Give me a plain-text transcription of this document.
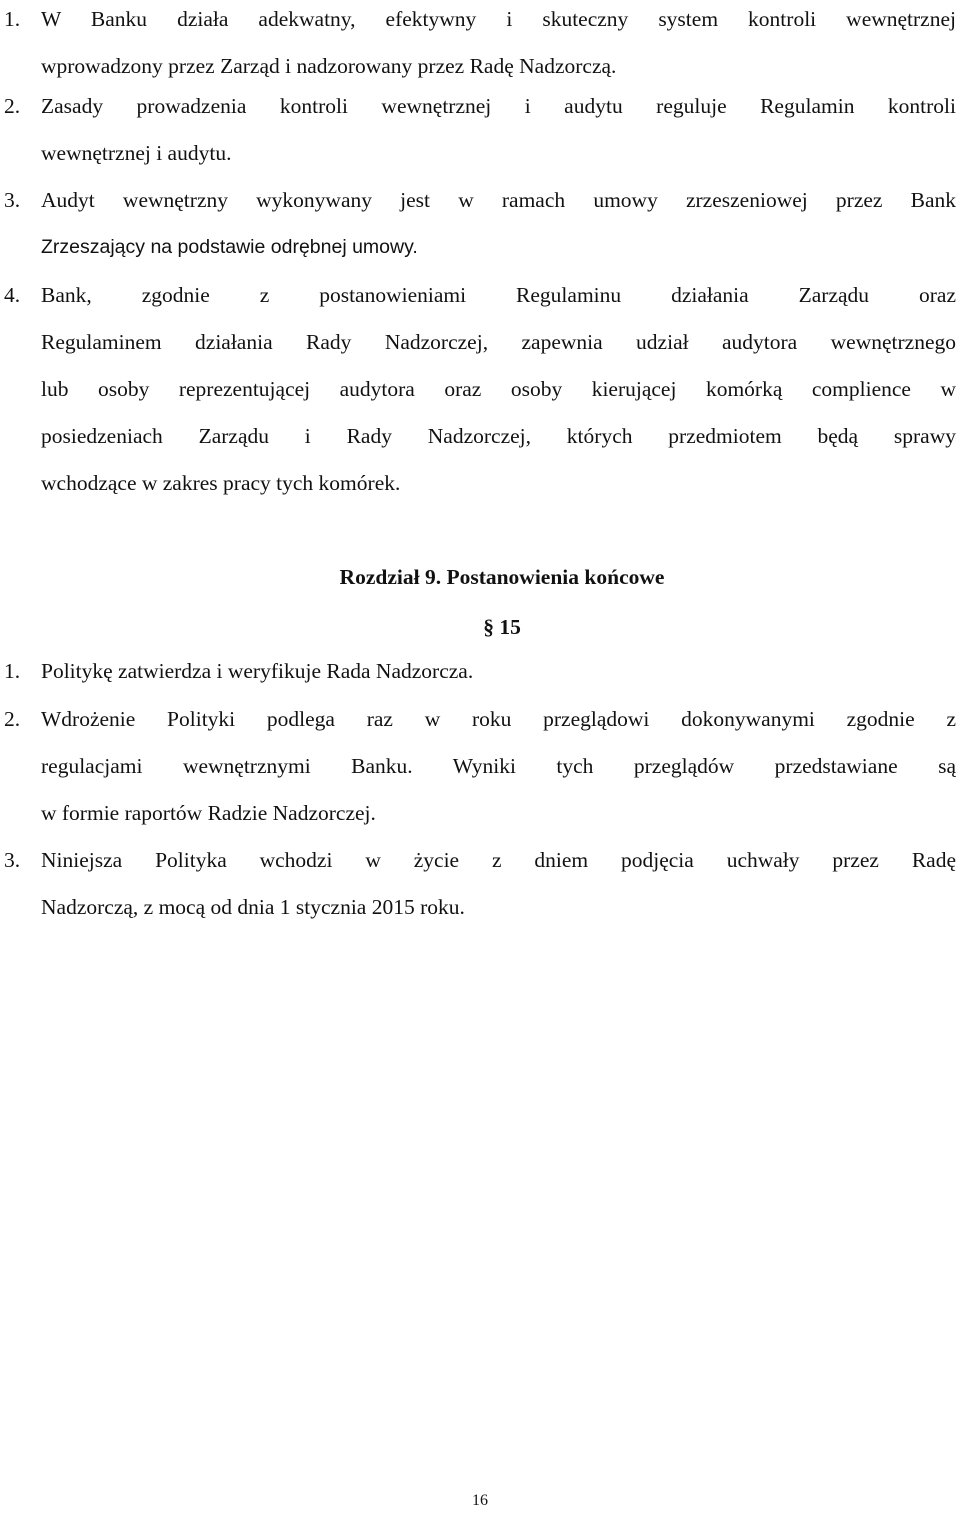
1. W Banku działa adekwatny, efektywny i skuteczny system kontroli wewnętrznej
wprowadzony przez Zarząd i nadzorowany przez Radę Nadzorczą.
2. Zasady prowadzenia kontroli wewnętrznej i audytu reguluje Regulamin kontroli
wewnętrznej i audytu.
3. Audyt wewnętrzny wykonywany jest w ramach umowy zrzeszeniowej przez Bank
Zrzeszający na podstawie odrębnej umowy.
4. Bank, zgodnie z postanowieniami Regulaminu działania Zarządu oraz
Regulaminem działania Rady Nadzorczej, zapewnia udział audytora wewnętrznego
lub osoby reprezentującej audytora oraz osoby kierującej komórką complience w
posiedzeniach Zarządu i Rady Nadzorczej, których przedmiotem będą sprawy
wchodzące w zakres pracy tych komórek.
Rozdział 9. Postanowienia końcowe
§ 15
1. Politykę zatwierdza i weryfikuje Rada Nadzorcza.
2. Wdrożenie Polityki podlega raz w roku przeglądowi dokonywanymi zgodnie z
regulacjami wewnętrznymi Banku. Wyniki tych przeglądów przedstawiane są
w formie raportów Radzie Nadzorczej.
3. Niniejsza Polityka wchodzi w życie z dniem podjęcia uchwały przez Radę
Nadzorczą, z mocą od dnia 1 stycznia 2015 roku.
16
